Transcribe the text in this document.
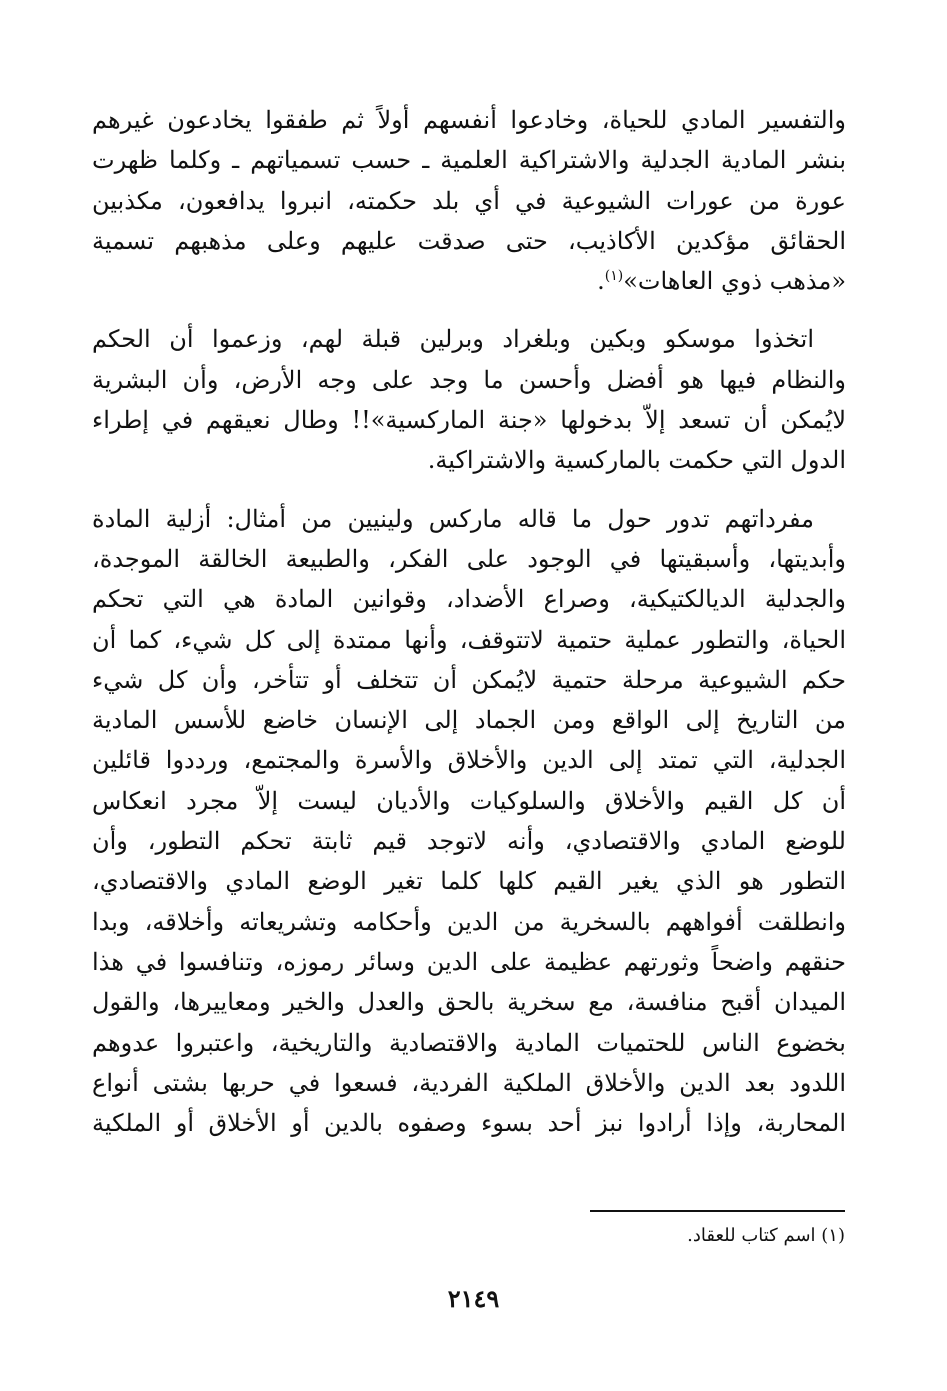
والتفسير المادي للحياة، وخادعوا أنفسهم أولاً ثم طفقوا يخادعون غيرهم
بنشر المادية الجدلية والاشتراكية العلمية ـ حسب تسمياتهم ـ وكلما ظهرت
عورة من عورات الشيوعية في أي بلد حكمته، انبروا يدافعون، مكذبين
الحقائق مؤكدين الأكاذيب، حتى صدقت عليهم وعلى مذهبهم تسمية
«مذهب ذوي العاهات»$^{(١)}$.

اتخذوا موسكو وبكين وبلغراد وبرلين قبلة لهم، وزعموا أن الحكم
والنظام فيها هو أفضل وأحسن ما وجد على وجه الأرض، وأن البشرية
لايُمكن أن تسعد إلاّ بدخولها «جنة الماركسية»!! وطال نعيقهم في إطراء
الدول التي حكمت بالماركسية والاشتراكية.

مفرداتهم تدور حول ما قاله ماركس ولينيين من أمثال: أزلية المادة
وأبديتها، وأسبقيتها في الوجود على الفكر، والطبيعة الخالقة الموجدة،
والجدلية الديالكتيكية، وصراع الأضداد، وقوانين المادة هي التي تحكم
الحياة، والتطور عملية حتمية لاتتوقف، وأنها ممتدة إلى كل شيء، كما أن
حكم الشيوعية مرحلة حتمية لايُمكن أن تتخلف أو تتأخر، وأن كل شيء
من التاريخ إلى الواقع ومن الجماد إلى الإنسان خاضع للأسس المادية
الجدلية، التي تمتد إلى الدين والأخلاق والأسرة والمجتمع، ورددوا قائلين
أن كل القيم والأخلاق والسلوكيات والأديان ليست إلاّ مجرد انعكاس
للوضع المادي والاقتصادي، وأنه لاتوجد قيم ثابتة تحكم التطور، وأن
التطور هو الذي يغير القيم كلها كلما تغير الوضع المادي والاقتصادي،
وانطلقت أفواههم بالسخرية من الدين وأحكامه وتشريعاته وأخلاقه، وبدا
حنقهم واضحاً وثورتهم عظيمة على الدين وسائر رموزه، وتنافسوا في هذا
الميدان أقبح منافسة، مع سخرية بالحق والعدل والخير ومعاييرها، والقول
بخضوع الناس للحتميات المادية والاقتصادية والتاريخية، واعتبروا عدوهم
اللدود بعد الدين والأخلاق الملكية الفردية، فسعوا في حربها بشتى أنواع
المحاربة، وإذا أرادوا نبز أحد بسوء وصفوه بالدين أو الأخلاق أو الملكية

(١) اسم كتاب للعقاد.
٢١٤٩
